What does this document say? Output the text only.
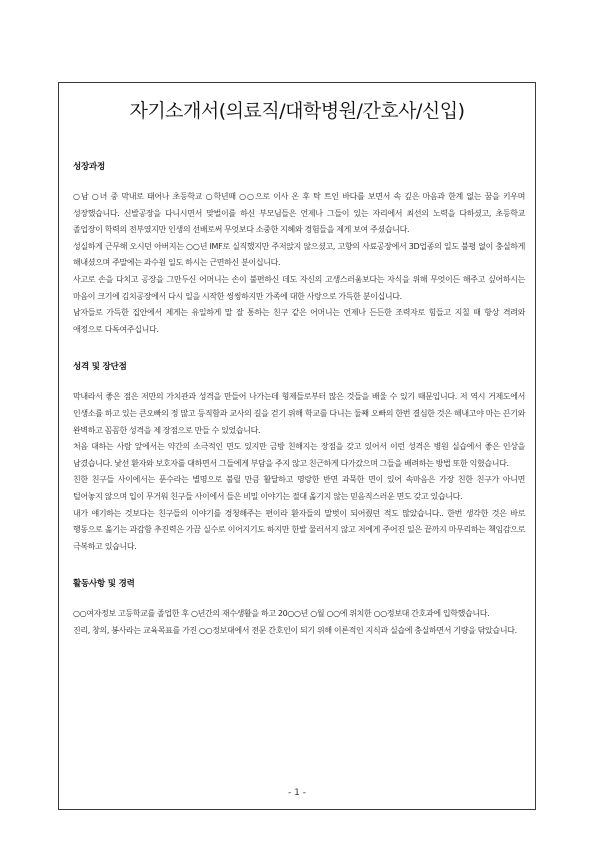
자기소개서(의료직/대학병원/간호사/신입)
성장과정

○남 ○녀 중 막내로 태어나 초등학교 ○학년때 ○○으로 이사 온 후 탁 트인 바다를 보면서 속 깊은 마음과 한계 없는 꿈을 키우며 성장했습니다. 신발공장을 다니시면서 맞벌이를 하신 부모님들은 언제나 그들이 있는 자리에서 최선의 노력을 다하셨고, 초등학교 졸업장이 학력의 전부였지만 인생의 선배로써 무엇보다 소중한 지혜와 경험들을 제게 보여 주셨습니다.

성실하게 근무해 오시던 아버지는 ○○년 IMF로 실직했지만 주저앉지 않으셨고, 고향의 사료공장에서 3D업종의 일도 불평 없이 충실하게 해내셨으며 주말에는 과수원 일도 하시는 근면하신 분이십니다.

사고로 손을 다치고 공장을 그만두신 어머니는 손이 불편하신 데도 자신의 고생스러움보다는 자식을 위해 무엇이든 해주고 싶어하시는 마음이 크기에 김치공장에서 다시 일을 시작한 씽씽하지만 가족에 대한 사랑으로 가득한 분이십니다.

남자들로 가득한 집안에서 제게는 유일하게 말 잘 통하는 친구 같은 어머니는 언제나 든든한 조력자로 힘들고 지칠 때 항상 격려와 애정으로 다독여주십니다.

성격 및 장단점

막내라서 좋은 점은 저만의 가치관과 성격을 만들어 나가는데 형제들로부터 많은 것들을 배울 수 있기 때문입니다. 저 역시 거제도에서 인생소를 하고 있는 큰오빠의 정 많고 등직함과 교사의 길을 걷기 위해 학교를 다니는 둘째 오빠의 한번 결심한 것은 해내고야 마는 끈기와 완벽하고 꼼꼼한 성격을 제 장점으로 만들 수 있었습니다.

처음 대하는 사람 앞에서는 약간의 소극적인 면도 있지만 금방 친해지는 장점을 갖고 있어서 이런 성격은 병원 실습에서 좋은 인상을 남겼습니다. 낯선 환자와 보호자를 대하면서 그들에게 부담을 주지 않고 친근하게 다가갔으며 그들을 배려하는 방법 또한 익혔습니다.

친한 친구들 사이에서는 푼수라는 별명으로 불릴 만큼 활달하고 명랑한 반면 과묵한 면이 있어 속마음은 가장 친한 친구가 아니면 털어놓지 않으며 입이 무거워 친구들 사이에서 들은 비밀 이야기는 절대 옮기지 않는 믿음직스러운 면도 갖고 있습니다.

내가 얘기하는 것보다는 친구들의 이야기를 경청해주는 편이라 환자들의 말벗이 되어줬던 적도 많았습니다.. 한번 생각한 것은 바로 행동으로 옮기는 과감함 추진력은 가끔 실수로 이어지기도 하지만 한발 물러서지 않고 저에게 주어진 일은 끝까지 마무리하는 책임감으로 극복하고 있습니다.

활동사항 및 경력

○○여자정보 고등학교를 졸업한 후 ○년간의 재수생활을 하고 20○○년 ○월 ○○에 위치한 ○○정보대 간호과에 입학했습니다.

진리, 창의, 봉사라는 교육목표를 가진 ○○정보대에서 전문 간호인이 되기 위해 이론적인 지식과 실습에 충실하면서 기량을 닦았습니다.

- 1 -
